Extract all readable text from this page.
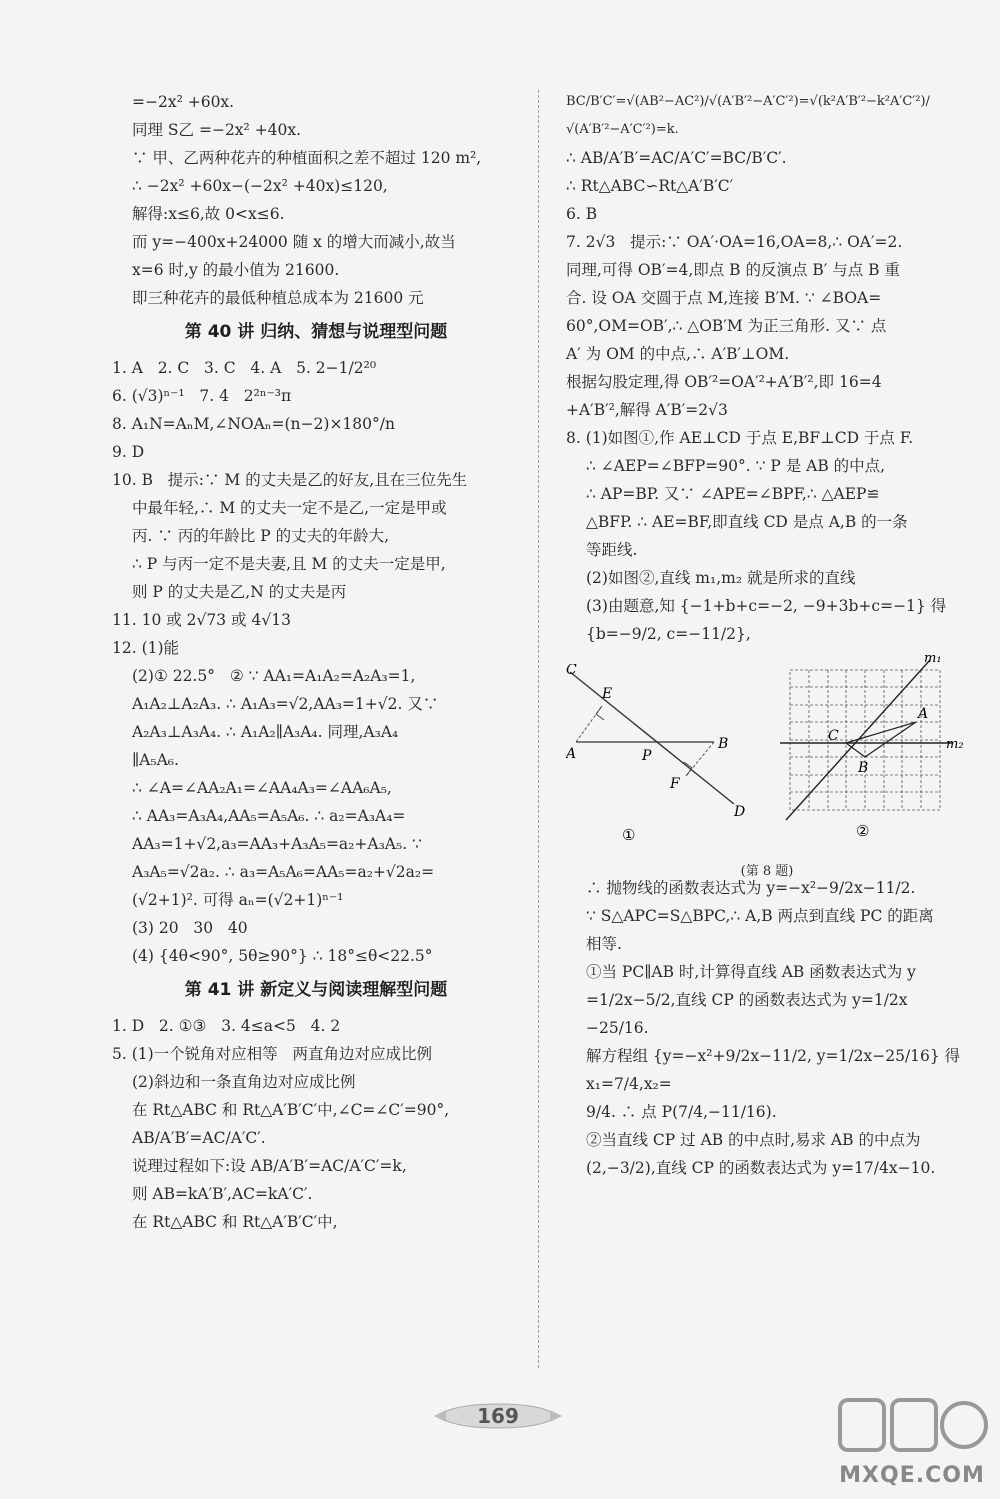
=−2x² +60x.
同理 S乙 =−2x² +40x.
∵ 甲、乙两种花卉的种植面积之差不超过 120 m²,
∴ −2x² +60x−(−2x² +40x)≤120,
解得:x≤6,故 0<x≤6.
而 y=−400x+24000 随 x 的增大而减小,故当
x=6 时,y 的最小值为 21600.
即三种花卉的最低种植总成本为 21600 元
第 40 讲 归纳、猜想与说理型问题
1. A   2. C   3. C   4. A   5. 2−1/2²⁰
6. (√3)ⁿ⁻¹   7. 4   2²ⁿ⁻³π
8. A₁N=AₙM,∠NOAₙ=(n−2)×180°/n
9. D
10. B   提示:∵ M 的丈夫是乙的好友,且在三位先生
中最年轻,∴ M 的丈夫一定不是乙,一定是甲或
丙. ∵ 丙的年龄比 P 的丈夫的年龄大,
∴ P 与丙一定不是夫妻,且 M 的丈夫一定是甲,
则 P 的丈夫是乙,N 的丈夫是丙
11. 10 或 2√73 或 4√13
12. (1)能
(2)① 22.5°   ② ∵ AA₁=A₁A₂=A₂A₃=1,
A₁A₂⊥A₂A₃. ∴ A₁A₃=√2,AA₃=1+√2. 又∵
A₂A₃⊥A₃A₄. ∴ A₁A₂∥A₃A₄. 同理,A₃A₄
∥A₅A₆.
∴ ∠A=∠AA₂A₁=∠AA₄A₃=∠AA₆A₅,
∴ AA₃=A₃A₄,AA₅=A₅A₆. ∴ a₂=A₃A₄=
AA₃=1+√2,a₃=AA₃+A₃A₅=a₂+A₃A₅. ∵
A₃A₅=√2a₂. ∴ a₃=A₅A₆=AA₅=a₂+√2a₂=
(√2+1)². 可得 aₙ=(√2+1)ⁿ⁻¹
(3) 20   30   40
(4) {4θ<90°, 5θ≥90°} ∴ 18°≤θ<22.5°
第 41 讲 新定义与阅读理解型问题
1. D   2. ①③   3. 4≤a<5   4. 2
5. (1)一个锐角对应相等   两直角边对应成比例
(2)斜边和一条直角边对应成比例
在 Rt△ABC 和 Rt△A′B′C′中,∠C=∠C′=90°,
AB/A′B′=AC/A′C′.
说理过程如下:设 AB/A′B′=AC/A′C′=k,
则 AB=kA′B′,AC=kA′C′.
在 Rt△ABC 和 Rt△A′B′C′中,
BC/B′C′=√(AB²−AC²)/√(A′B′²−A′C′²)=√(k²A′B′²−k²A′C′²)/√(A′B′²−A′C′²)=k.
∴ AB/A′B′=AC/A′C′=BC/B′C′.
∴ Rt△ABC∽Rt△A′B′C′
6. B
7. 2√3   提示:∵ OA′·OA=16,OA=8,∴ OA′=2.
同理,可得 OB′=4,即点 B 的反演点 B′ 与点 B 重
合. 设 OA 交圆于点 M,连接 B′M. ∵ ∠BOA=
60°,OM=OB′,∴ △OB′M 为正三角形. 又∵ 点
A′ 为 OM 的中点,∴ A′B′⊥OM.
根据勾股定理,得 OB′²=OA′²+A′B′²,即 16=4
+A′B′²,解得 A′B′=2√3
8. (1)如图①,作 AE⊥CD 于点 E,BF⊥CD 于点 F.
∴ ∠AEP=∠BFP=90°. ∵ P 是 AB 的中点,
∴ AP=BP. 又∵ ∠APE=∠BPF,∴ △AEP≌
△BFP. ∴ AE=BF,即直线 CD 是点 A,B 的一条
等距线.
(2)如图②,直线 m₁,m₂ 就是所求的直线
(3)由题意,知 {−1+b+c=−2, −9+3b+c=−1} 得 {b=−9/2, c=−11/2},
C
E
A	P
B
F
D
①
m₁
m₂
C
A
B
②
(第 8 题)
∴ 抛物线的函数表达式为 y=−x²−9/2x−11/2.
∵ S△APC=S△BPC,∴ A,B 两点到直线 PC 的距离
相等.
①当 PC∥AB 时,计算得直线 AB 函数表达式为 y
=1/2x−5/2,直线 CP 的函数表达式为 y=1/2x
−25/16.
解方程组 {y=−x²+9/2x−11/2, y=1/2x−25/16} 得 x₁=7/4,x₂=
9/4. ∴ 点 P(7/4,−11/16).
②当直线 CP 过 AB 的中点时,易求 AB 的中点为
(2,−3/2),直线 CP 的函数表达式为 y=17/4x−10.
169
MXQE.COM
